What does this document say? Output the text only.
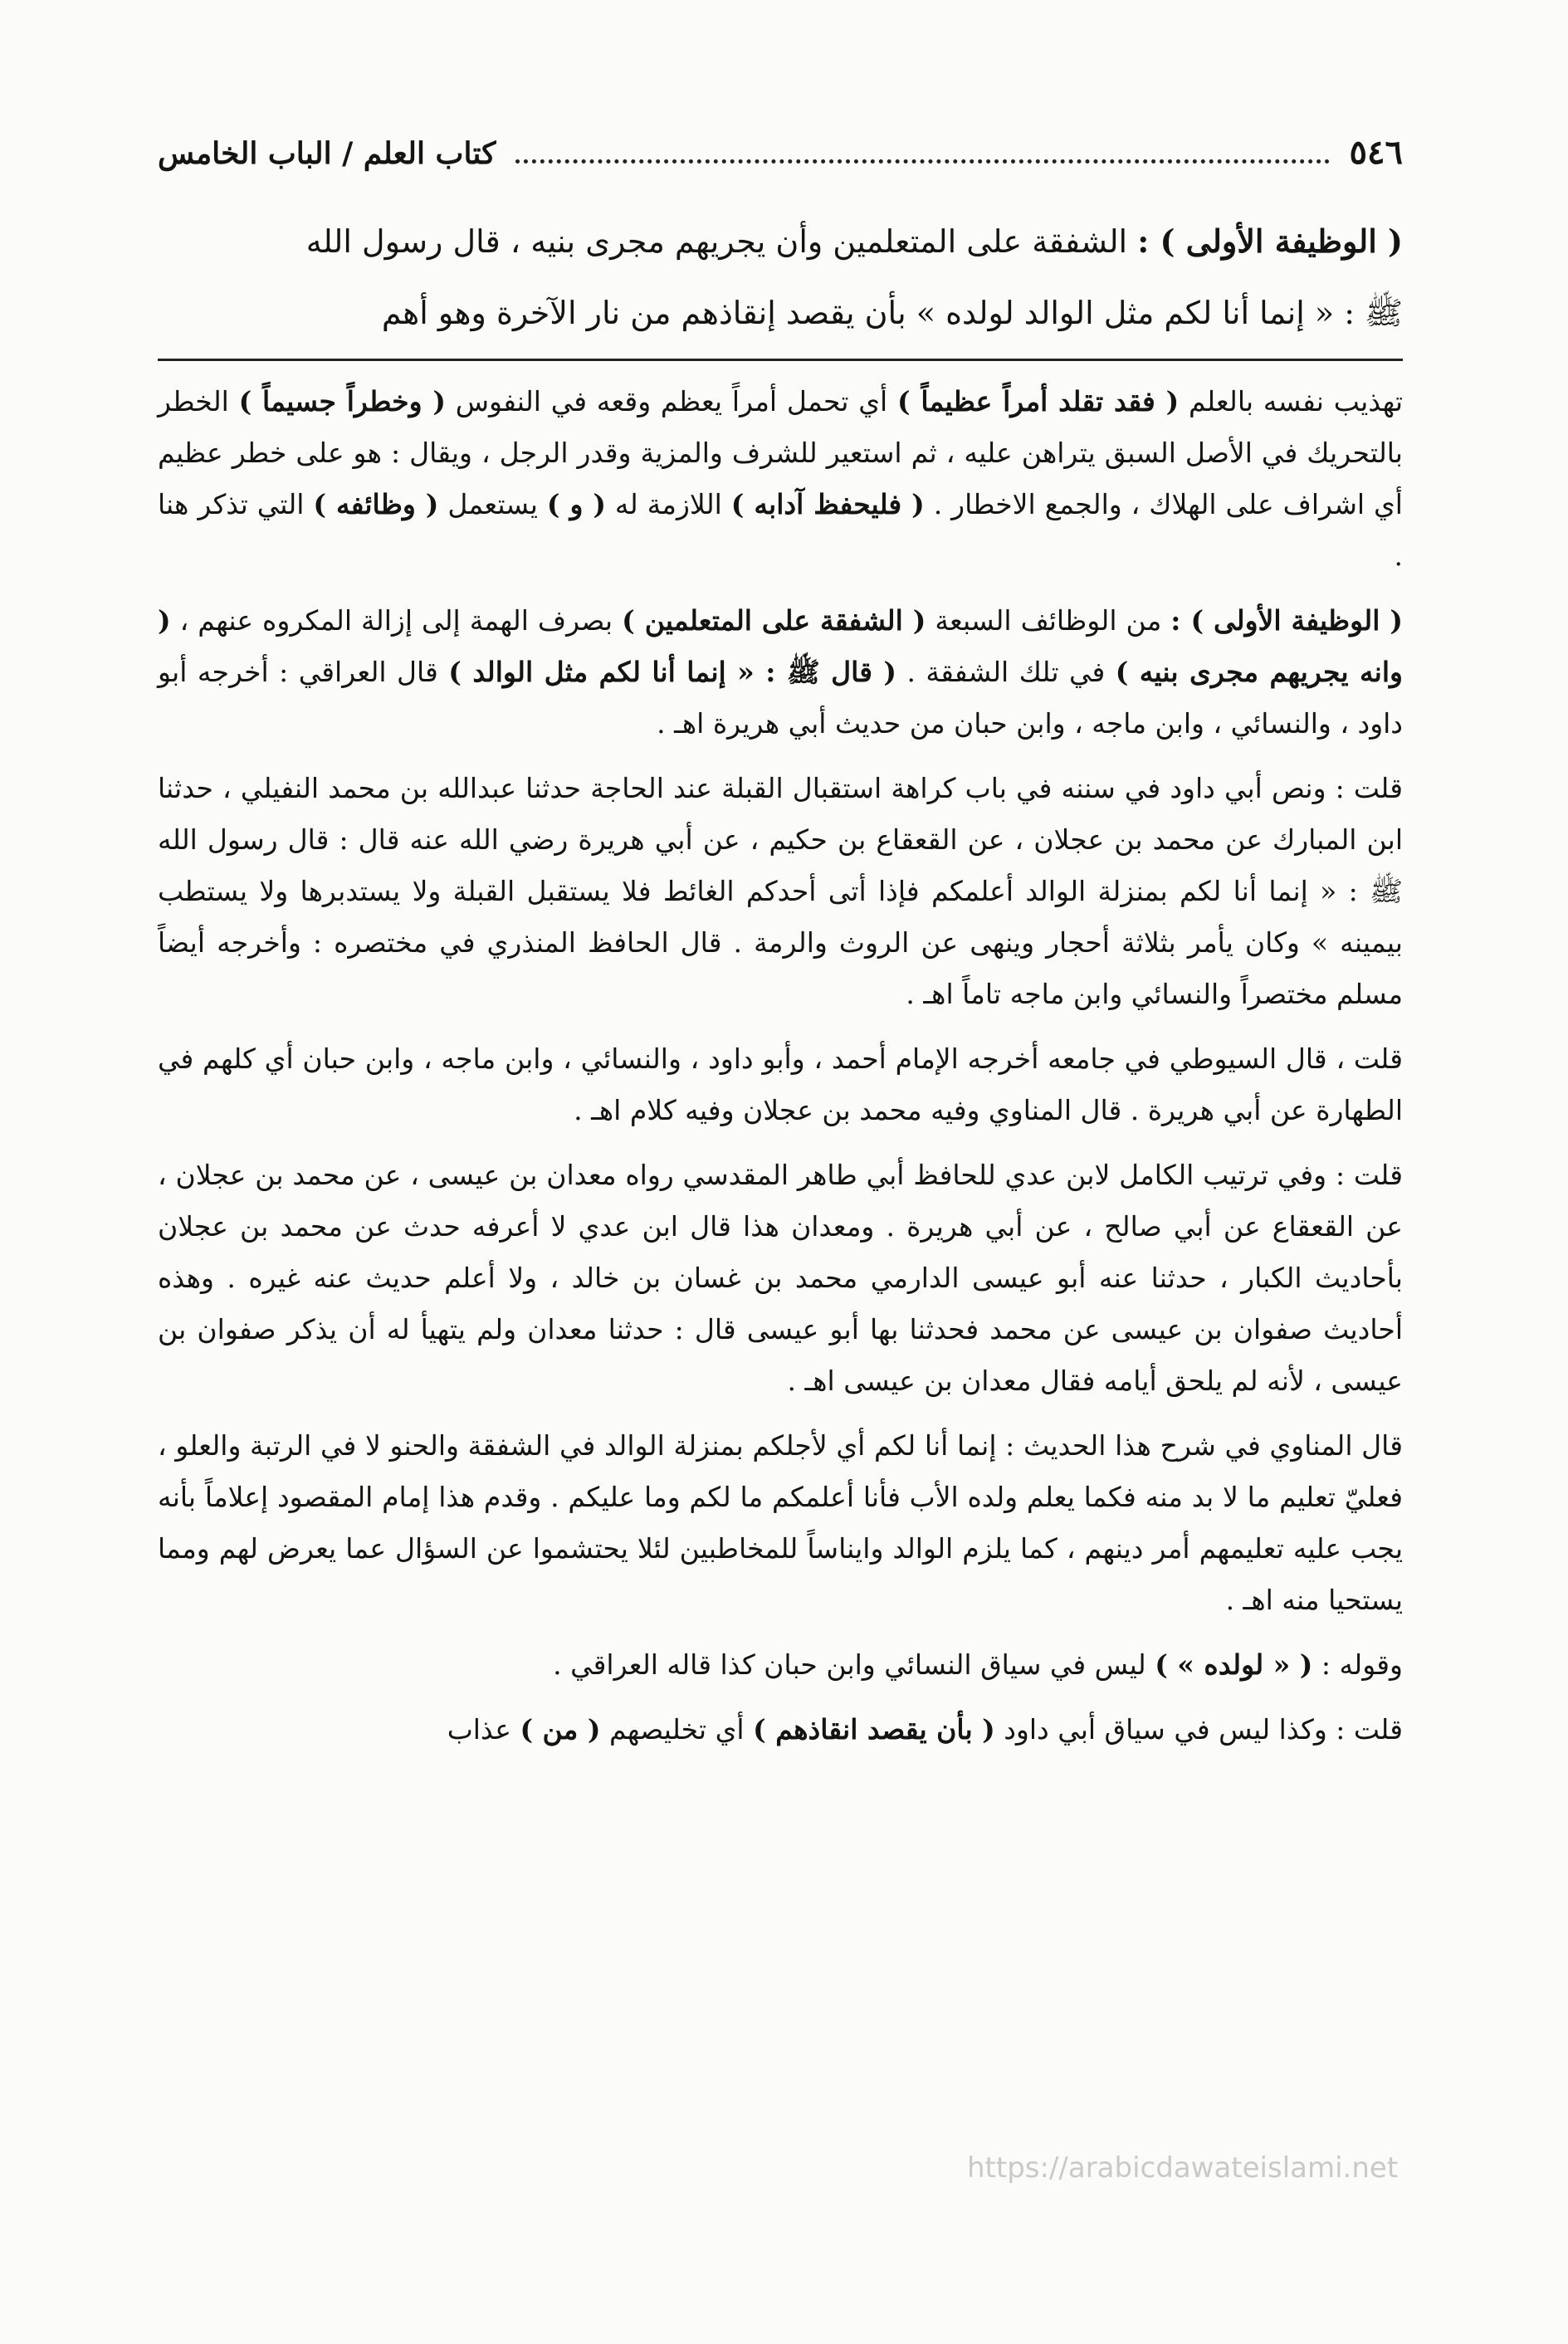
٥٤٦
كتاب العلم / الباب الخامس
( الوظيفة الأولى ) : الشفقة على المتعلمين وأن يجريهم مجرى بنيه ، قال رسول الله
ﷺ : « إنما أنا لكم مثل الوالد لولده » بأن يقصد إنقاذهم من نار الآخرة وهو أهم

تهذيب نفسه بالعلم ( فقد تقلد أمراً عظيماً ) أي تحمل أمراً يعظم وقعه في النفوس ( وخطراً جسيماً ) الخطر بالتحريك في الأصل السبق يتراهن عليه ، ثم استعير للشرف والمزية وقدر الرجل ، ويقال : هو على خطر عظيم أي اشراف على الهلاك ، والجمع الاخطار . ( فليحفظ آدابه ) اللازمة له ( و ) يستعمل ( وظائفه ) التي تذكر هنا .

( الوظيفة الأولى ) : من الوظائف السبعة ( الشفقة على المتعلمين ) بصرف الهمة إلى إزالة المكروه عنهم ، ( وانه يجريهم مجرى بنيه ) في تلك الشفقة . ( قال ﷺ : « إنما أنا لكم مثل الوالد ) قال العراقي : أخرجه أبو داود ، والنسائي ، وابن ماجه ، وابن حبان من حديث أبي هريرة اهـ .

قلت : ونص أبي داود في سننه في باب كراهة استقبال القبلة عند الحاجة حدثنا عبدالله بن محمد النفيلي ، حدثنا ابن المبارك عن محمد بن عجلان ، عن القعقاع بن حكيم ، عن أبي هريرة رضي الله عنه قال : قال رسول الله ﷺ : « إنما أنا لكم بمنزلة الوالد أعلمكم فإذا أتى أحدكم الغائط فلا يستقبل القبلة ولا يستدبرها ولا يستطب بيمينه » وكان يأمر بثلاثة أحجار وينهى عن الروث والرمة . قال الحافظ المنذري في مختصره : وأخرجه أيضاً مسلم مختصراً والنسائي وابن ماجه تاماً اهـ .

قلت ، قال السيوطي في جامعه أخرجه الإمام أحمد ، وأبو داود ، والنسائي ، وابن ماجه ، وابن حبان أي كلهم في الطهارة عن أبي هريرة . قال المناوي وفيه محمد بن عجلان وفيه كلام اهـ .

قلت : وفي ترتيب الكامل لابن عدي للحافظ أبي طاهر المقدسي رواه معدان بن عيسى ، عن محمد بن عجلان ، عن القعقاع عن أبي صالح ، عن أبي هريرة . ومعدان هذا قال ابن عدي لا أعرفه حدث عن محمد بن عجلان بأحاديث الكبار ، حدثنا عنه أبو عيسى الدارمي محمد بن غسان بن خالد ، ولا أعلم حديث عنه غيره . وهذه أحاديث صفوان بن عيسى عن محمد فحدثنا بها أبو عيسى قال : حدثنا معدان ولم يتهيأ له أن يذكر صفوان بن عيسى ، لأنه لم يلحق أيامه فقال معدان بن عيسى اهـ .

قال المناوي في شرح هذا الحديث : إنما أنا لكم أي لأجلكم بمنزلة الوالد في الشفقة والحنو لا في الرتبة والعلو ، فعليّ تعليم ما لا بد منه فكما يعلم ولده الأب فأنا أعلمكم ما لكم وما عليكم . وقدم هذا إمام المقصود إعلاماً بأنه يجب عليه تعليمهم أمر دينهم ، كما يلزم الوالد وايناساً للمخاطبين لئلا يحتشموا عن السؤال عما يعرض لهم ومما يستحيا منه اهـ .

وقوله : ( « لولده » ) ليس في سياق النسائي وابن حبان كذا قاله العراقي .

قلت : وكذا ليس في سياق أبي داود ( بأن يقصد انقاذهم ) أي تخليصهم ( من ) عذاب

https://arabicdawateislami.net
